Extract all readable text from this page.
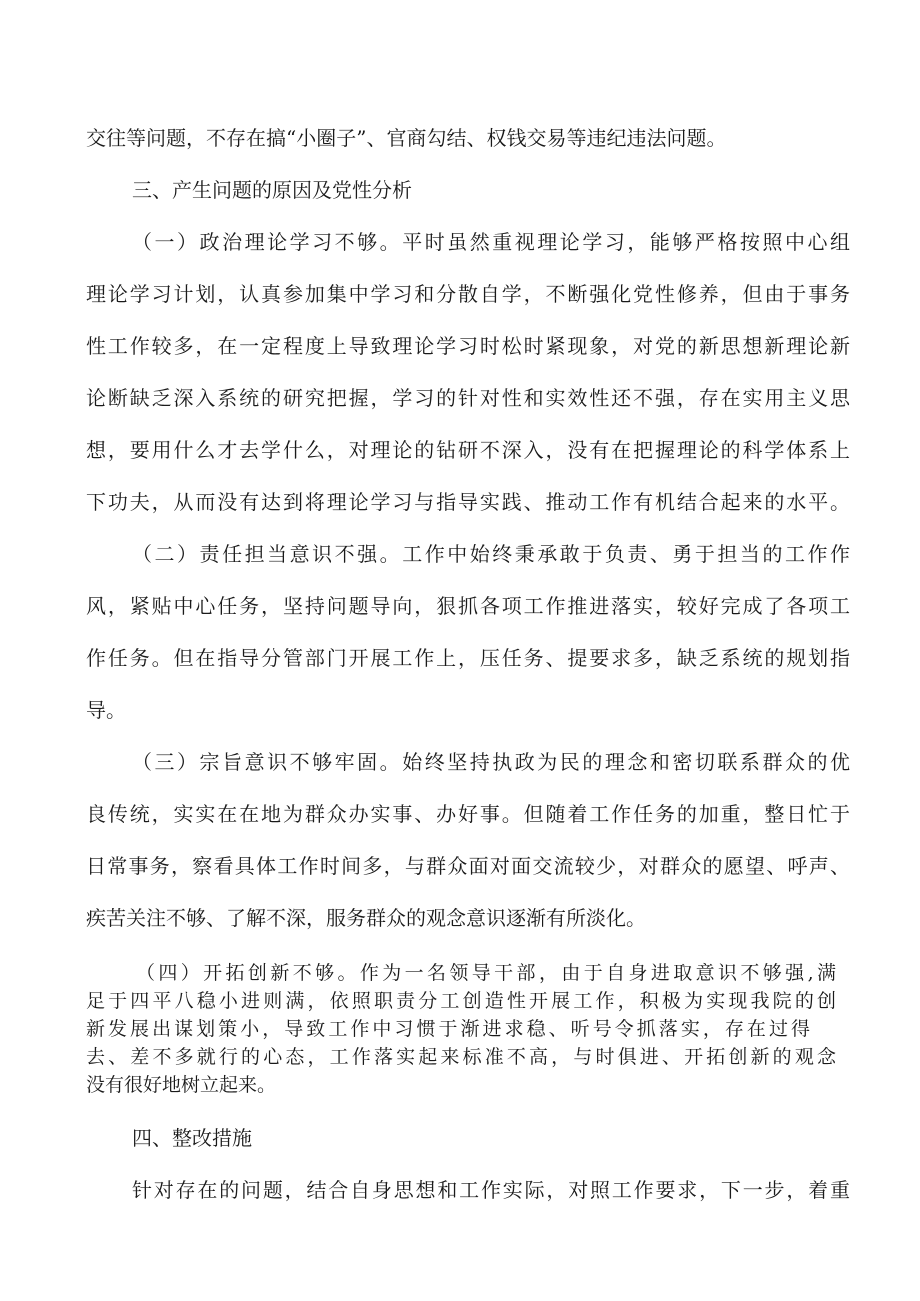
交往等问题，不存在搞“小圈子”、官商勾结、权钱交易等违纪违法问题。
三、产生问题的原因及党性分析
（一）政治理论学习不够。平时虽然重视理论学习，能够严格按照中心组
理论学习计划，认真参加集中学习和分散自学，不断强化党性修养，但由于事务
性工作较多，在一定程度上导致理论学习时松时紧现象，对党的新思想新理论新
论断缺乏深入系统的研究把握，学习的针对性和实效性还不强，存在实用主义思
想，要用什么才去学什么，对理论的钻研不深入，没有在把握理论的科学体系上
下功夫，从而没有达到将理论学习与指导实践、推动工作有机结合起来的水平。
（二）责任担当意识不强。工作中始终秉承敢于负责、勇于担当的工作作
风，紧贴中心任务，坚持问题导向，狠抓各项工作推进落实，较好完成了各项工
作任务。但在指导分管部门开展工作上，压任务、提要求多，缺乏系统的规划指
导。
（三）宗旨意识不够牢固。始终坚持执政为民的理念和密切联系群众的优
良传统，实实在在地为群众办实事、办好事。但随着工作任务的加重，整日忙于
日常事务，察看具体工作时间多，与群众面对面交流较少，对群众的愿望、呼声、
疾苦关注不够、了解不深，服务群众的观念意识逐渐有所淡化。
（四）开拓创新不够。作为一名领导干部，由于自身进取意识不够强,满
足于四平八稳小进则满，依照职责分工创造性开展工作，积极为实现我院的创
新发展出谋划策小，导致工作中习惯于渐进求稳、听号令抓落实，存在过得
去、差不多就行的心态，工作落实起来标准不高，与时俱进、开拓创新的观念
没有很好地树立起来。
四、整改措施
针对存在的问题，结合自身思想和工作实际，对照工作要求，下一步，着重
